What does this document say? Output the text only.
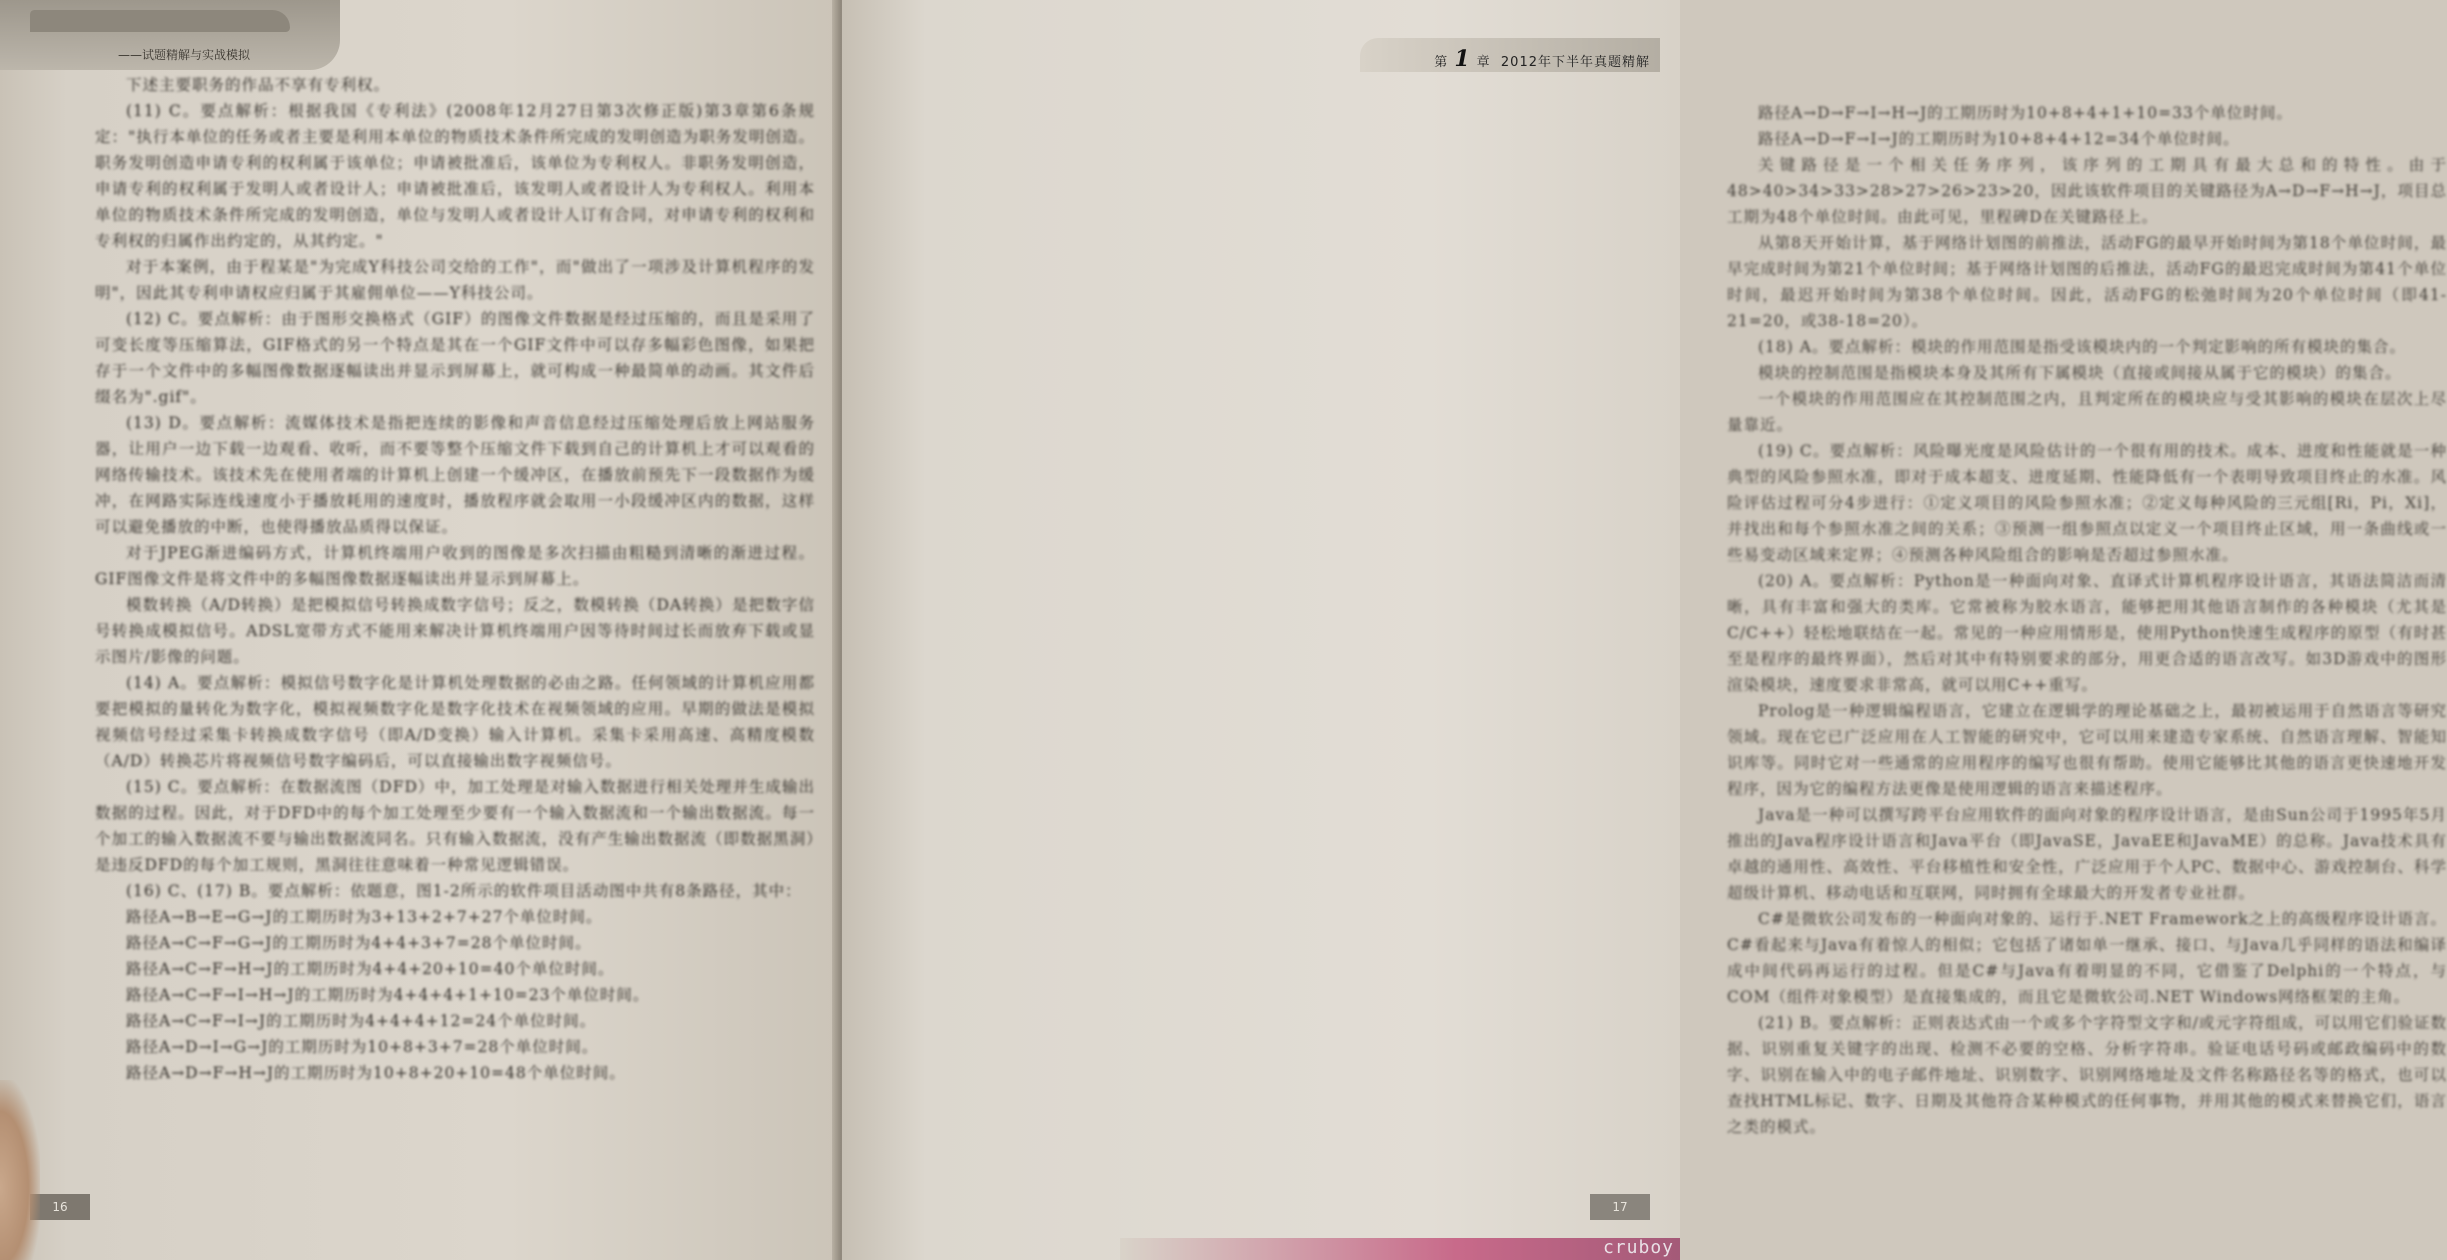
——试题精解与实战模拟

下述主要职务的作品不享有专利权。

(11) C。要点解析：根据我国《专利法》(2008年12月27日第3次修正版)第3章第6条规定："执行本单位的任务或者主要是利用本单位的物质技术条件所完成的发明创造为职务发明创造。职务发明创造申请专利的权利属于该单位；申请被批准后，该单位为专利权人。非职务发明创造，申请专利的权利属于发明人或者设计人；申请被批准后，该发明人或者设计人为专利权人。利用本单位的物质技术条件所完成的发明创造，单位与发明人或者设计人订有合同，对申请专利的权利和专利权的归属作出约定的，从其约定。"

对于本案例，由于程某是"为完成Y科技公司交给的工作"，而"做出了一项涉及计算机程序的发明"，因此其专利申请权应归属于其雇佣单位——Y科技公司。

(12) C。要点解析：由于图形交换格式（GIF）的图像文件数据是经过压缩的，而且是采用了可变长度等压缩算法，GIF格式的另一个特点是其在一个GIF文件中可以存多幅彩色图像，如果把存于一个文件中的多幅图像数据逐幅读出并显示到屏幕上，就可构成一种最简单的动画。其文件后缀名为".gif"。

(13) D。要点解析：流媒体技术是指把连续的影像和声音信息经过压缩处理后放上网站服务器，让用户一边下载一边观看、收听，而不要等整个压缩文件下载到自己的计算机上才可以观看的网络传输技术。该技术先在使用者端的计算机上创建一个缓冲区，在播放前预先下一段数据作为缓冲，在网路实际连线速度小于播放耗用的速度时，播放程序就会取用一小段缓冲区内的数据，这样可以避免播放的中断，也使得播放品质得以保证。

对于JPEG渐进编码方式，计算机终端用户收到的图像是多次扫描由粗糙到清晰的渐进过程。GIF图像文件是将文件中的多幅图像数据逐幅读出并显示到屏幕上。

模数转换（A/D转换）是把模拟信号转换成数字信号；反之，数模转换（DA转换）是把数字信号转换成模拟信号。ADSL宽带方式不能用来解决计算机终端用户因等待时间过长而放弃下载或显示图片/影像的问题。

(14) A。要点解析：模拟信号数字化是计算机处理数据的必由之路。任何领域的计算机应用都要把模拟的量转化为数字化，模拟视频数字化是数字化技术在视频领域的应用。早期的做法是模拟视频信号经过采集卡转换成数字信号（即A/D变换）输入计算机。采集卡采用高速、高精度模数（A/D）转换芯片将视频信号数字编码后，可以直接输出数字视频信号。

(15) C。要点解析：在数据流图（DFD）中，加工处理是对输入数据进行相关处理并生成输出数据的过程。因此，对于DFD中的每个加工处理至少要有一个输入数据流和一个输出数据流。每一个加工的输入数据流不要与输出数据流同名。只有输入数据流，没有产生输出数据流（即数据黑洞）是违反DFD的每个加工规则，黑洞往往意味着一种常见逻辑错误。

(16) C、(17) B。要点解析：依题意，图1-2所示的软件项目活动图中共有8条路径，其中：

路径A→B→E→G→J的工期历时为3+13+2+7+27个单位时间。

路径A→C→F→G→J的工期历时为4+4+3+7=28个单位时间。

路径A→C→F→H→J的工期历时为4+4+20+10=40个单位时间。

路径A→C→F→I→H→J的工期历时为4+4+4+1+10=23个单位时间。

路径A→C→F→I→J的工期历时为4+4+4+12=24个单位时间。

路径A→D→I→G→J的工期历时为10+8+3+7=28个单位时间。

路径A→D→F→H→J的工期历时为10+8+20+10=48个单位时间。

16
第 1 章 2012年下半年真题精解

路径A→D→F→I→H→J的工期历时为10+8+4+1+10=33个单位时间。

路径A→D→F→I→J的工期历时为10+8+4+12=34个单位时间。

关键路径是一个相关任务序列，该序列的工期具有最大总和的特性。由于48>40>34>33>28>27>26>23>20，因此该软件项目的关键路径为A→D→F→H→J，项目总工期为48个单位时间。由此可见，里程碑D在关键路径上。

从第8天开始计算，基于网络计划图的前推法，活动FG的最早开始时间为第18个单位时间，最早完成时间为第21个单位时间；基于网络计划图的后推法，活动FG的最迟完成时间为第41个单位时间，最迟开始时间为第38个单位时间。因此，活动FG的松弛时间为20个单位时间（即41-21=20，或38-18=20）。

(18) A。要点解析：模块的作用范围是指受该模块内的一个判定影响的所有模块的集合。

模块的控制范围是指模块本身及其所有下属模块（直接或间接从属于它的模块）的集合。

一个模块的作用范围应在其控制范围之内，且判定所在的模块应与受其影响的模块在层次上尽量靠近。

(19) C。要点解析：风险曝光度是风险估计的一个很有用的技术。成本、进度和性能就是一种典型的风险参照水准，即对于成本超支、进度延期、性能降低有一个表明导致项目终止的水准。风险评估过程可分4步进行：①定义项目的风险参照水准；②定义每种风险的三元组[Ri，Pi，Xi]，并找出和每个参照水准之间的关系；③预测一组参照点以定义一个项目终止区域，用一条曲线或一些易变动区域来定界；④预测各种风险组合的影响是否超过参照水准。

(20) A。要点解析：Python是一种面向对象、直译式计算机程序设计语言，其语法简洁而清晰，具有丰富和强大的类库。它常被称为胶水语言，能够把用其他语言制作的各种模块（尤其是C/C++）轻松地联结在一起。常见的一种应用情形是，使用Python快速生成程序的原型（有时甚至是程序的最终界面），然后对其中有特别要求的部分，用更合适的语言改写。如3D游戏中的图形渲染模块，速度要求非常高，就可以用C++重写。

Prolog是一种逻辑编程语言，它建立在逻辑学的理论基础之上，最初被运用于自然语言等研究领域。现在它已广泛应用在人工智能的研究中，它可以用来建造专家系统、自然语言理解、智能知识库等。同时它对一些通常的应用程序的编写也很有帮助。使用它能够比其他的语言更快速地开发程序，因为它的编程方法更像是使用逻辑的语言来描述程序。

Java是一种可以撰写跨平台应用软件的面向对象的程序设计语言，是由Sun公司于1995年5月推出的Java程序设计语言和Java平台（即JavaSE，JavaEE和JavaME）的总称。Java技术具有卓越的通用性、高效性、平台移植性和安全性，广泛应用于个人PC、数据中心、游戏控制台、科学超级计算机、移动电话和互联网，同时拥有全球最大的开发者专业社群。

C#是微软公司发布的一种面向对象的、运行于.NET Framework之上的高级程序设计语言。C#看起来与Java有着惊人的相似；它包括了诸如单一继承、接口、与Java几乎同样的语法和编译成中间代码再运行的过程。但是C#与Java有着明显的不同，它借鉴了Delphi的一个特点，与COM（组件对象模型）是直接集成的，而且它是微软公司.NET Windows网络框架的主角。

(21) B。要点解析：正则表达式由一个或多个字符型文字和/或元字符组成，可以用它们验证数据、识别重复关键字的出现、检测不必要的空格、分析字符串。验证电话号码或邮政编码中的数字、识别在输入中的电子邮件地址、识别数字、识别网络地址及文件名称路径名等的格式，也可以查找HTML标记、数字、日期及其他符合某种模式的任何事物，并用其他的模式来替换它们，语言之类的模式。

17
cruboy
